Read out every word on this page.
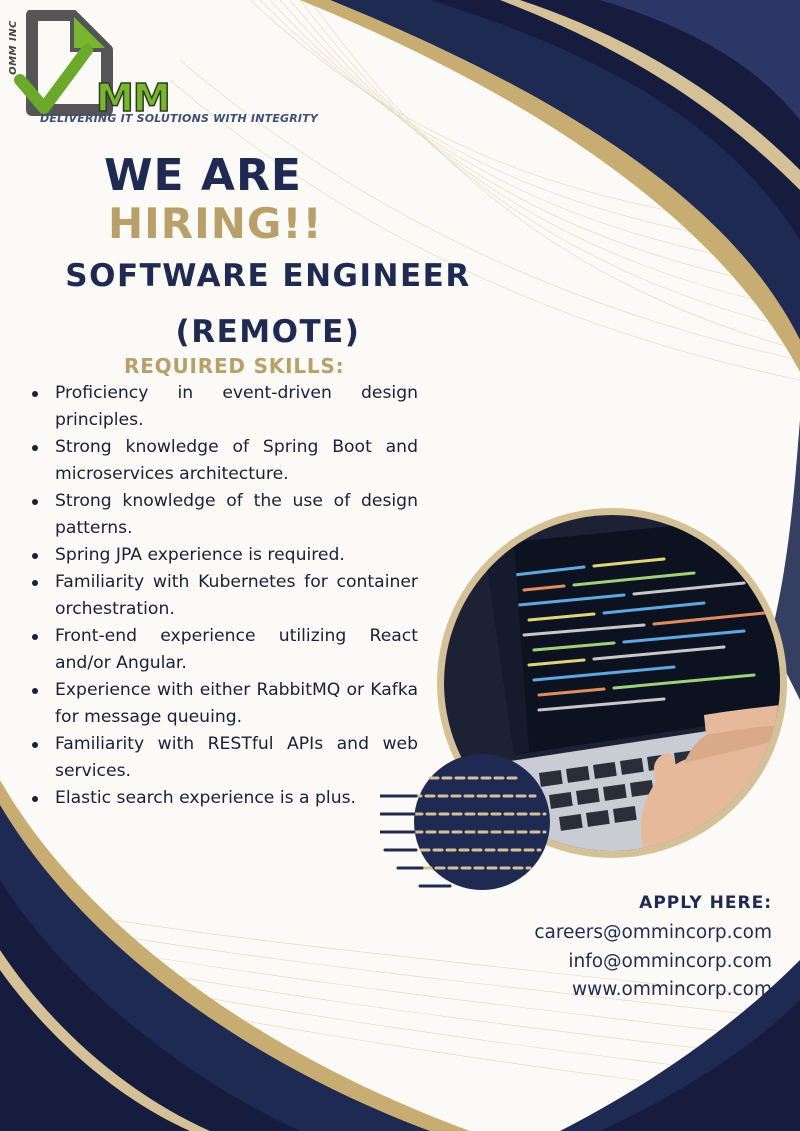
OMM INC
MM
DELIVERING IT SOLUTIONS WITH INTEGRITY
WE ARE
HIRING!!
SOFTWARE ENGINEER
(REMOTE)
REQUIRED SKILLS:
Proficiency in event-driven design principles.
Strong knowledge of Spring Boot and microservices architecture.
Strong knowledge of the use of design patterns.
Spring JPA experience is required.
Familiarity with Kubernetes for container orchestration.
Front-end experience utilizing React and/or Angular.
Experience with either RabbitMQ or Kafka for message queuing.
Familiarity with RESTful APIs and web services.
Elastic search experience is a plus.
APPLY HERE:
careers@ommincorp.com
info@ommincorp.com
www.ommincorp.com
